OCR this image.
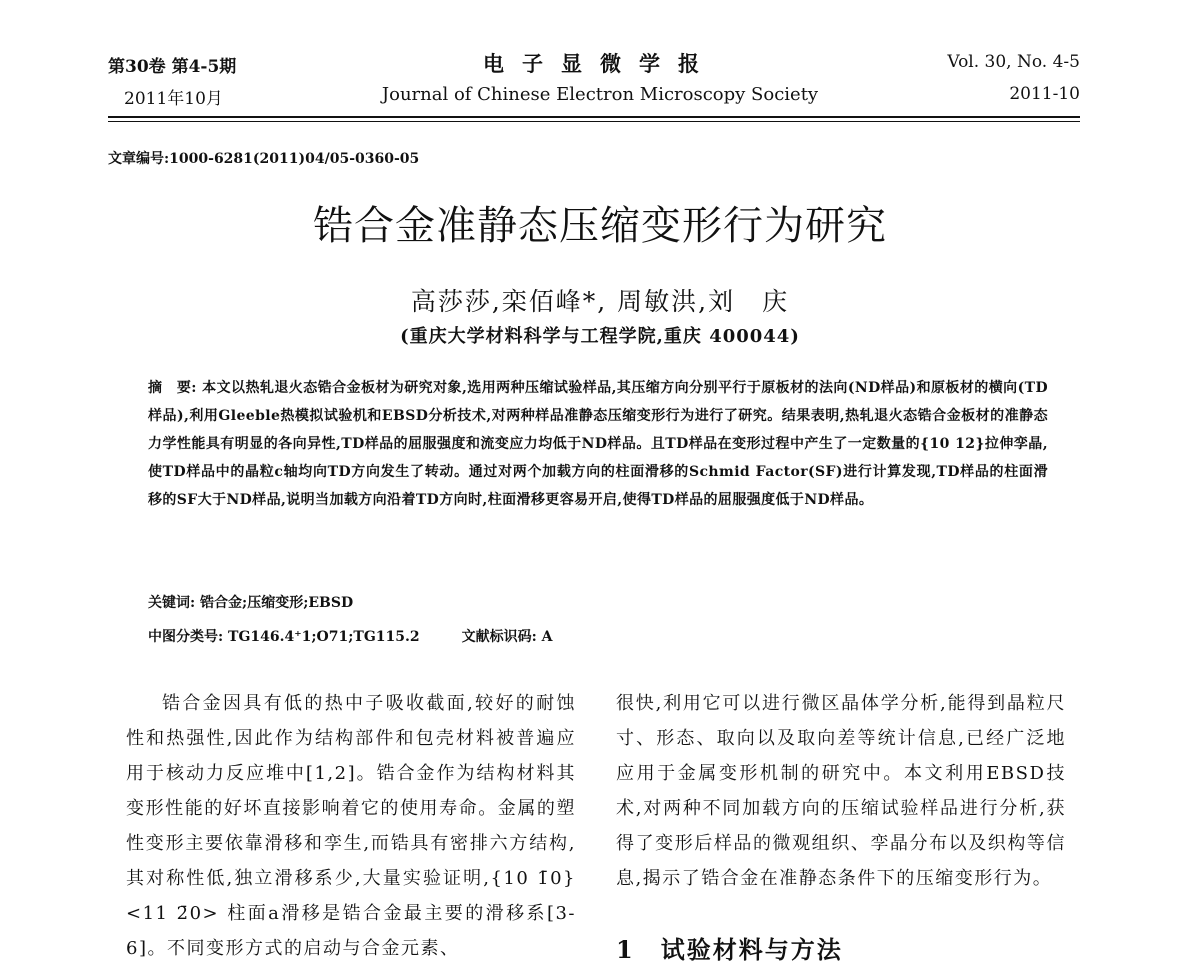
第30卷 第4-5期
2011年10月
电子显微学报
Journal of Chinese Electron Microscopy Society
Vol. 30, No. 4-5
2011-10
文章编号:1000-6281(2011)04/05-0360-05
锆合金准静态压缩变形行为研究
高莎莎,栾佰峰*, 周敏洪,刘　庆
(重庆大学材料科学与工程学院,重庆 400044)
摘　要: 本文以热轧退火态锆合金板材为研究对象,选用两种压缩试验样品,其压缩方向分别平行于原板材的法向(ND样品)和原板材的横向(TD样品),利用Gleeble热模拟试验机和EBSD分析技术,对两种样品准静态压缩变形行为进行了研究。结果表明,热轧退火态锆合金板材的准静态力学性能具有明显的各向异性,TD样品的屈服强度和流变应力均低于ND样品。且TD样品在变形过程中产生了一定数量的{10 12}拉伸孪晶,使TD样品中的晶粒c轴均向TD方向发生了转动。通过对两个加载方向的柱面滑移的Schmid Factor(SF)进行计算发现,TD样品的柱面滑移的SF大于ND样品,说明当加载方向沿着TD方向时,柱面滑移更容易开启,使得TD样品的屈服强度低于ND样品。
关键词: 锆合金;压缩变形;EBSD
中图分类号: TG146.4⁺1;O71;TG115.2　　　文献标识码: A

锆合金因具有低的热中子吸收截面,较好的耐蚀性和热强性,因此作为结构部件和包壳材料被普遍应用于核动力反应堆中[1,2]。锆合金作为结构材料其变形性能的好坏直接影响着它的使用寿命。金属的塑性变形主要依靠滑移和孪生,而锆具有密排六方结构,其对称性低,独立滑移系少,大量实验证明,{10 1̄0} <11 2̄0> 柱面a滑移是锆合金最主要的滑移系[3-6]。不同变形方式的启动与合金元素、

很快,利用它可以进行微区晶体学分析,能得到晶粒尺寸、形态、取向以及取向差等统计信息,已经广泛地应用于金属变形机制的研究中。本文利用EBSD技术,对两种不同加载方向的压缩试验样品进行分析,获得了变形后样品的微观组织、孪晶分布以及织构等信息,揭示了锆合金在准静态条件下的压缩变形行为。

1　试验材料与方法
